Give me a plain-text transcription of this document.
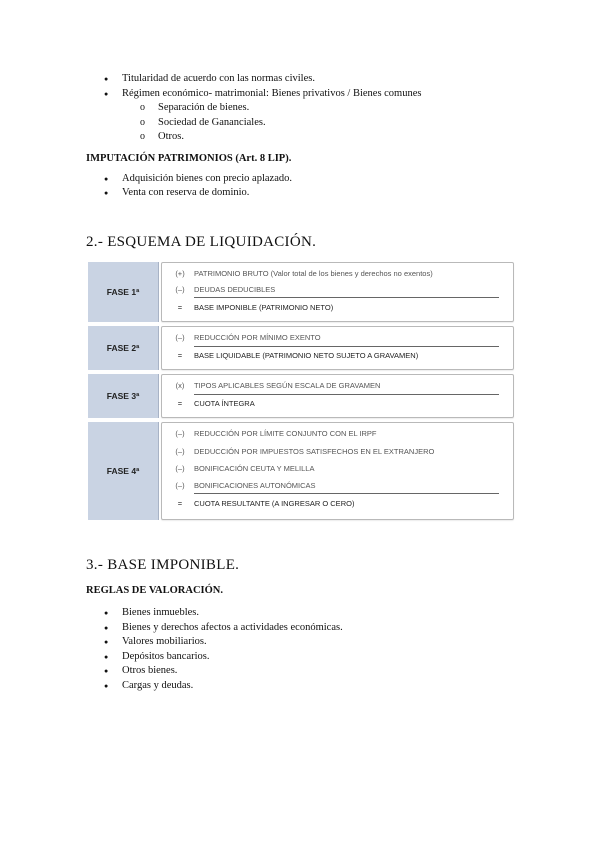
● Titularidad de acuerdo con las normas civiles.
● Régimen económico- matrimonial: Bienes privativos / Bienes comunes
o Separación de bienes.
o Sociedad de Gananciales.
o Otros.
IMPUTACIÓN PATRIMONIOS (Art. 8 LIP).
● Adquisición bienes con precio aplazado.
● Venta con reserva de dominio.
2.- ESQUEMA DE LIQUIDACIÓN.
FASE 1ª
(+) PATRIMONIO BRUTO (Valor total de los bienes y derechos no exentos)
(–) DEUDAS DEDUCIBLES
=	BASE IMPONIBLE (PATRIMONIO NETO)
FASE 2ª
(–) REDUCCIÓN POR MÍNIMO EXENTO
=	BASE LIQUIDABLE (PATRIMONIO NETO SUJETO A GRAVAMEN)
FASE 3ª
(x) TIPOS APLICABLES SEGÚN ESCALA DE GRAVAMEN
=	CUOTA ÍNTEGRA
FASE 4ª
(–) REDUCCIÓN POR LÍMITE CONJUNTO CON EL IRPF
(–) DEDUCCIÓN POR IMPUESTOS SATISFECHOS EN EL EXTRANJERO
(–) BONIFICACIÓN CEUTA Y MELILLA
(–) BONIFICACIONES AUTONÓMICAS
=	CUOTA RESULTANTE (A INGRESAR O CERO)
3.- BASE IMPONIBLE.
REGLAS DE VALORACIÓN.
● Bienes inmuebles.
● Bienes y derechos afectos a actividades económicas.
● Valores mobiliarios.
● Depósitos bancarios.
● Otros bienes.
● Cargas y deudas.
